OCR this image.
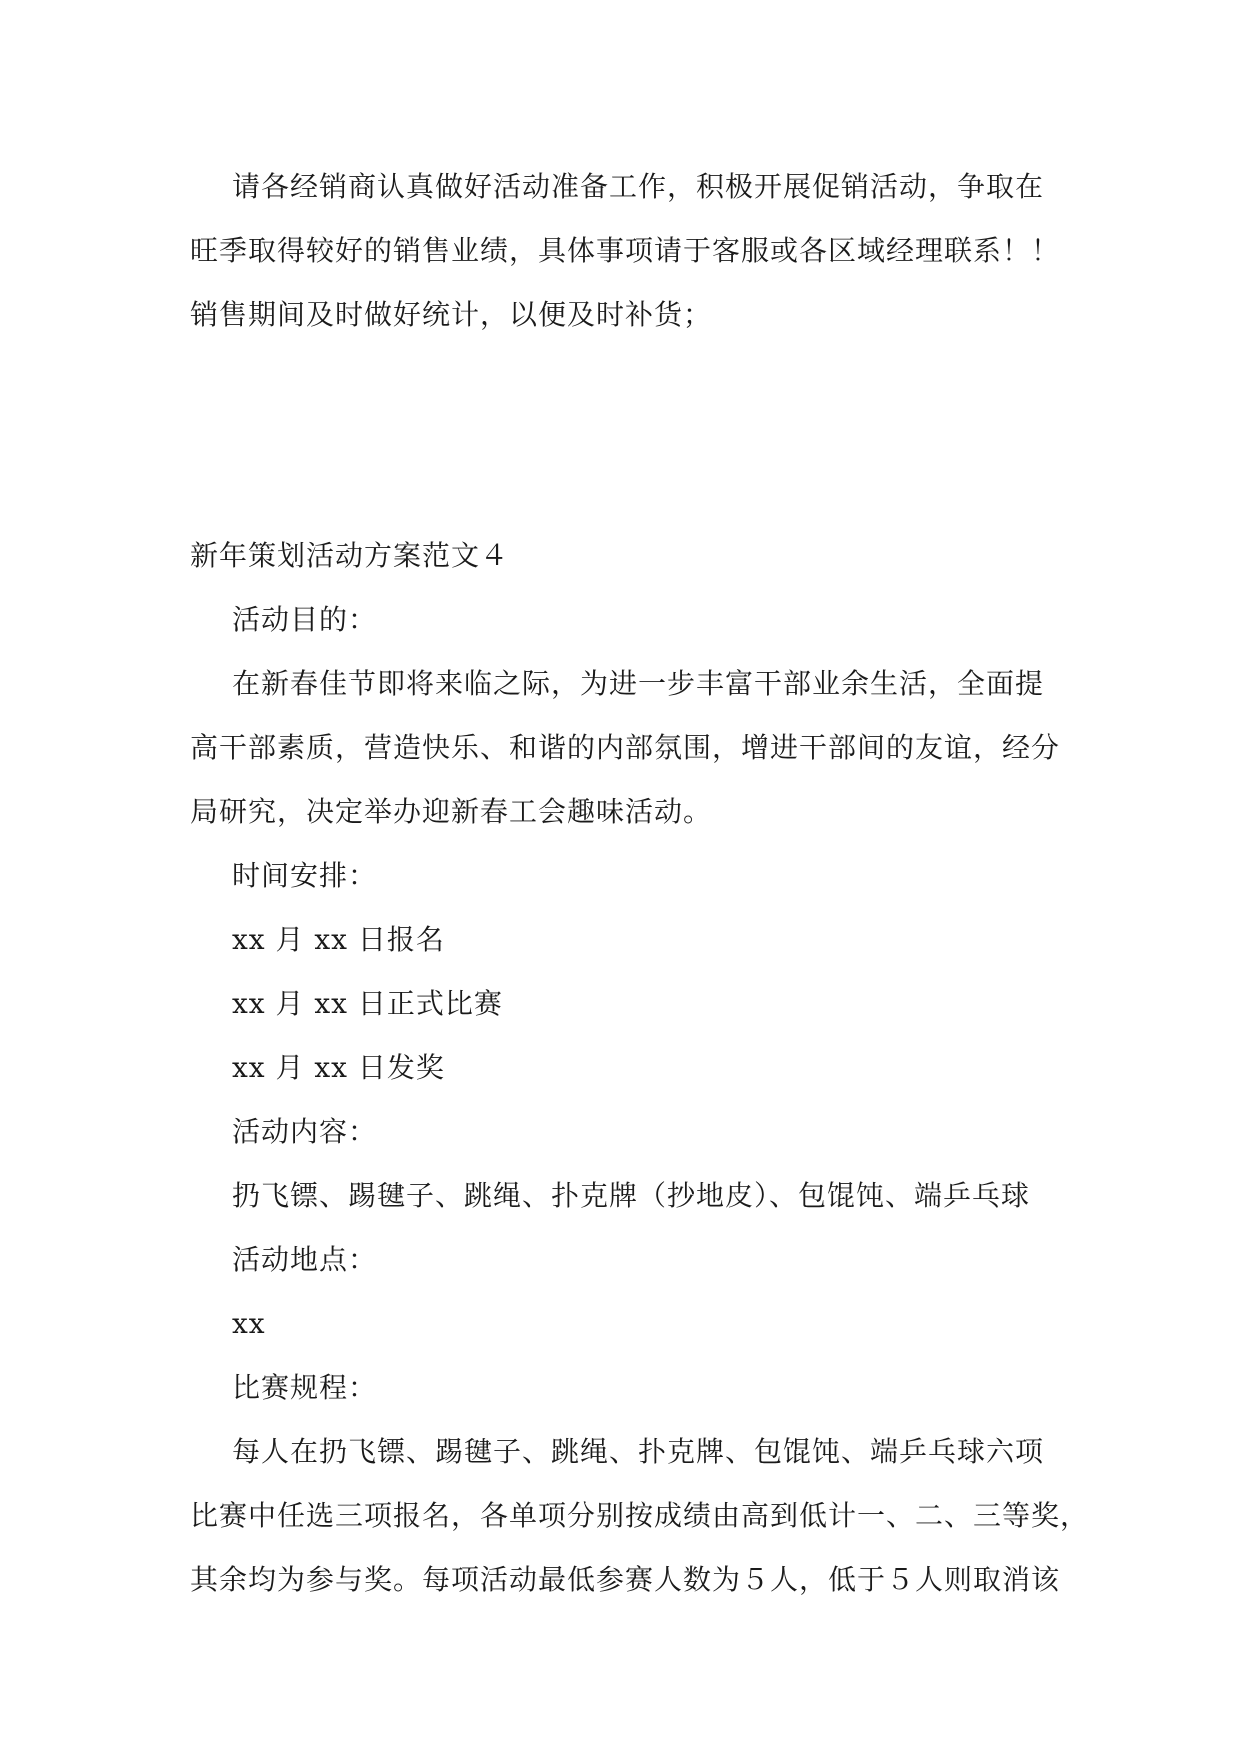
请各经销商认真做好活动准备工作，积极开展促销活动，争取在
旺季取得较好的销售业绩，具体事项请于客服或各区域经理联系！！
销售期间及时做好统计，以便及时补货；
新年策划活动方案范文４
活动目的：
在新春佳节即将来临之际，为进一步丰富干部业余生活，全面提
高干部素质，营造快乐、和谐的内部氛围，增进干部间的友谊，经分
局研究，决定举办迎新春工会趣味活动。
时间安排：
xx 月 xx 日报名
xx 月 xx 日正式比赛
xx 月 xx 日发奖
活动内容：
扔飞镖、踢毽子、跳绳、扑克牌（抄地皮）、包馄饨、端乒乓球
活动地点：
xx
比赛规程：
每人在扔飞镖、踢毽子、跳绳、扑克牌、包馄饨、端乒乓球六项
比赛中任选三项报名，各单项分别按成绩由高到低计一、二、三等奖，
其余均为参与奖。每项活动最低参赛人数为５人，低于５人则取消该
